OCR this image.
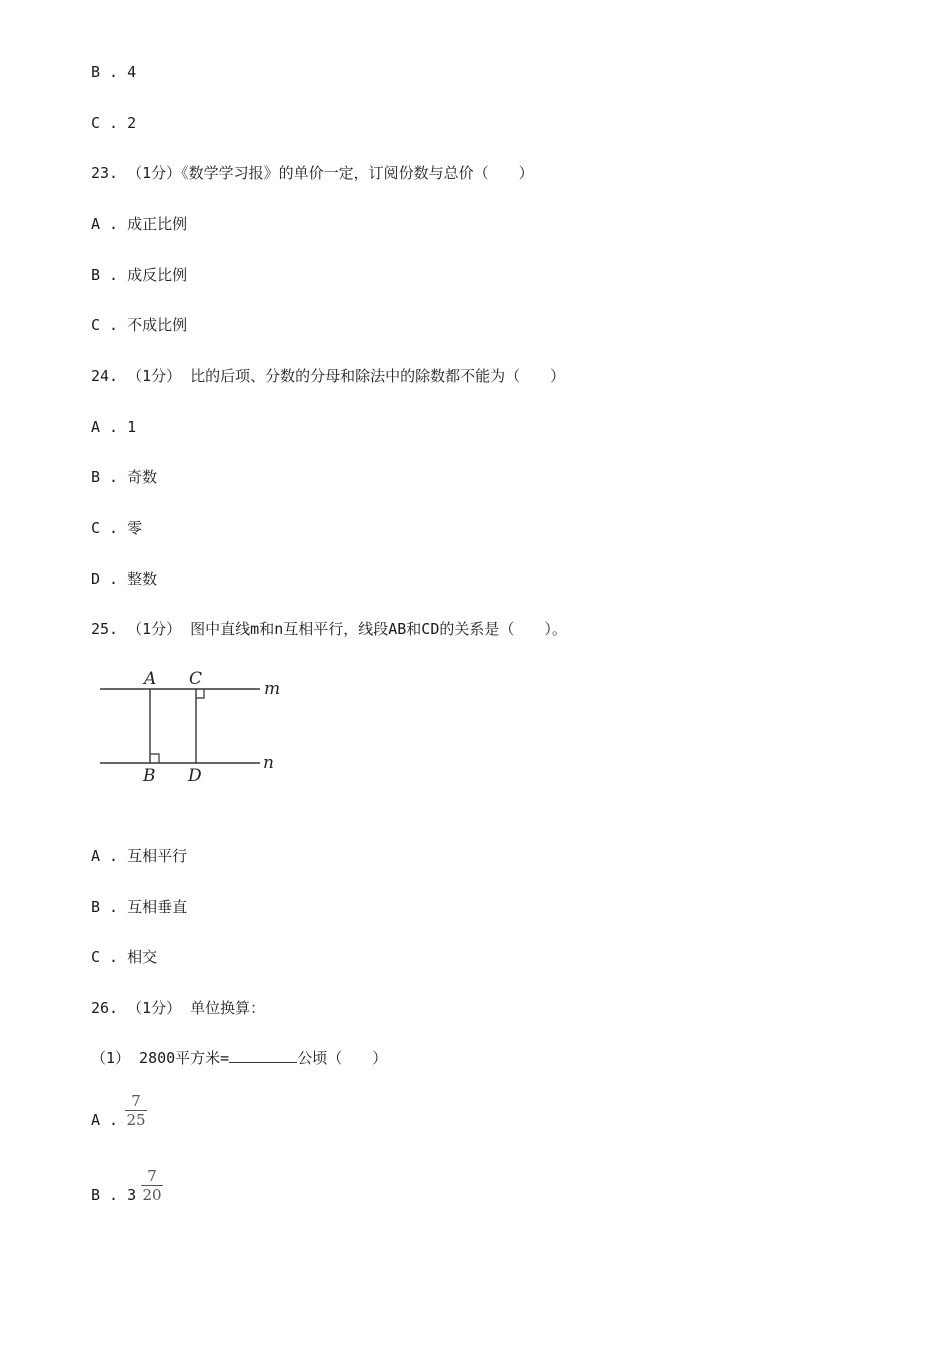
B . 4
C . 2
23. （1分）《数学学习报》的单价一定，订阅份数与总价（　　）
A . 成正比例
B . 成反比例
C . 不成比例
24. （1分） 比的后项、分数的分母和除法中的除数都不能为（　　）
A . 1
B . 奇数
C . 零
D . 整数
25. （1分） 图中直线m和n互相平行，线段AB和CD的关系是（　　）。
A C	m
B D
n
A . 互相平行
B . 互相垂直
C . 相交
26. （1分） 单位换算：
（1） 2800平方米=	公顷（　　）
A .
7
25
B . 3
7
20
